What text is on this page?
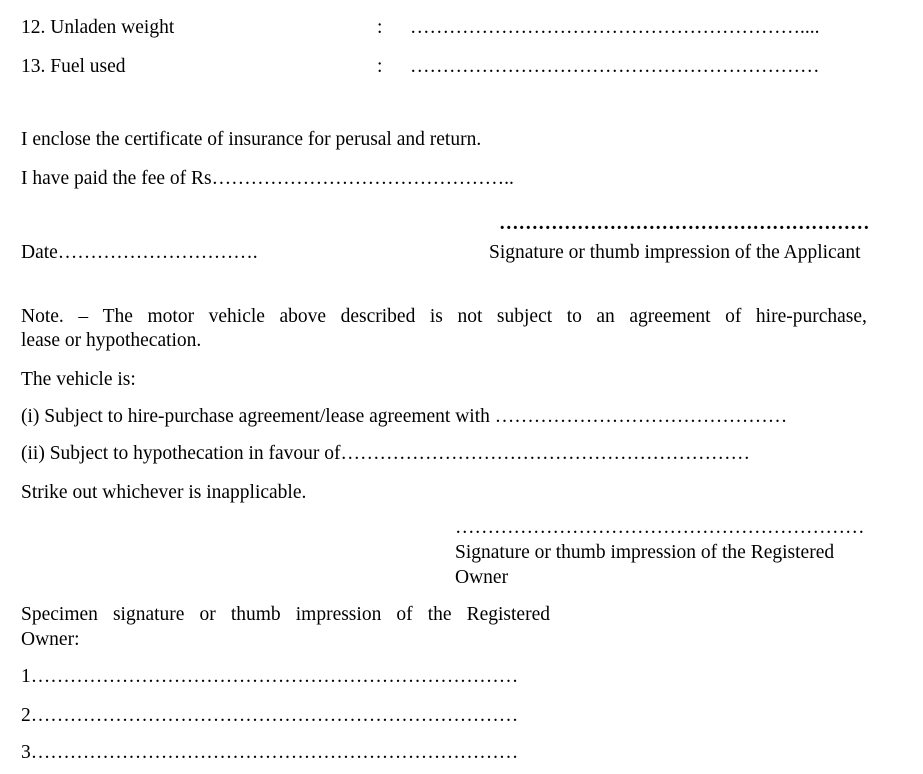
12. Unladen weight	: ……………………………………………………....
13. Fuel used	: ………………………………………………………
I enclose the certificate of insurance for perusal and return.
I have paid the fee of Rs………………………………………..
…………………………………………………
Date………………………….	Signature or thumb impression of the Applicant
Note. – The motor vehicle above described is not subject to an agreement of hire-purchase,
lease or hypothecation.
The vehicle is:
(i) Subject to hire-purchase agreement/lease agreement with ………………………………………
(ii) Subject to hypothecation in favour of………………………………………………………
Strike out whichever is inapplicable.
………………………………………………………
Signature or thumb impression of the Registered
Owner
Specimen signature or thumb impression of the Registered
Owner:
1…………………………………………………………………
2…………………………………………………………………
3…………………………………………………………………
